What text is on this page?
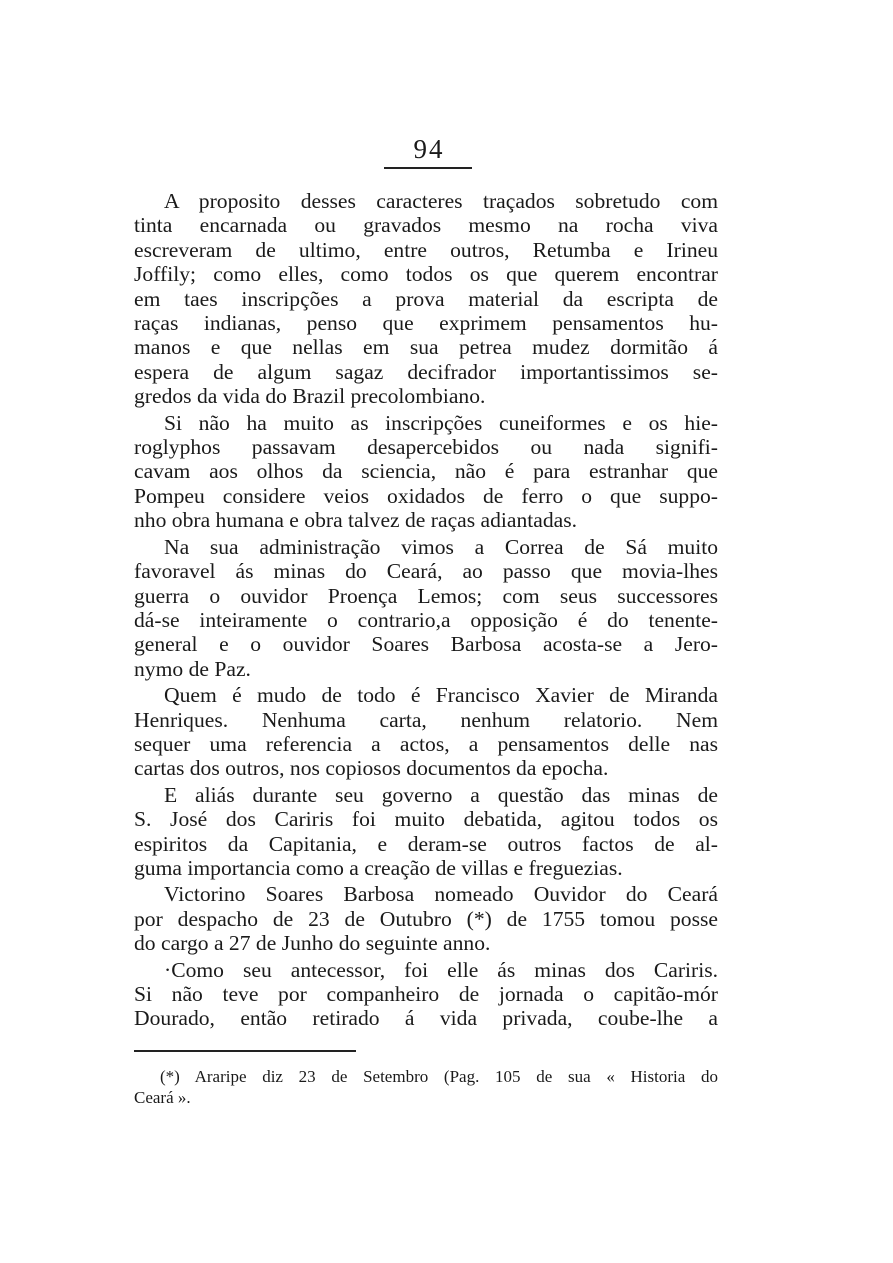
94

A proposito desses caracteres traçados sobretudo com
tinta encarnada ou gravados mesmo na rocha viva
escreveram de ultimo, entre outros, Retumba e Irineu
Joffily; como elles, como todos os que querem encontrar
em taes inscripções a prova material da escripta de
raças indianas, penso que exprimem pensamentos hu-
manos e que nellas em sua petrea mudez dormitão á
espera de algum sagaz decifrador importantissimos se-
gredos da vida do Brazil precolombiano.

Si não ha muito as inscripções cuneiformes e os hie-
roglyphos passavam desapercebidos ou nada signifi-
cavam aos olhos da sciencia, não é para estranhar que
Pompeu considere veios oxidados de ferro o que suppo-
nho obra humana e obra talvez de raças adiantadas.

Na sua administração vimos a Correa de Sá muito
favoravel ás minas do Ceará, ao passo que movia-lhes
guerra o ouvidor Proença Lemos; com seus successores
dá-se inteiramente o contrario,a opposição é do tenente-
general e o ouvidor Soares Barbosa acosta-se a Jero-
nymo de Paz.

Quem é mudo de todo é Francisco Xavier de Miranda
Henriques. Nenhuma carta, nenhum relatorio. Nem
sequer uma referencia a actos, a pensamentos delle nas
cartas dos outros, nos copiosos documentos da epocha.

E aliás durante seu governo a questão das minas de
S. José dos Cariris foi muito debatida, agitou todos os
espiritos da Capitania, e deram-se outros factos de al-
guma importancia como a creação de villas e freguezias.

Victorino Soares Barbosa nomeado Ouvidor do Ceará
por despacho de 23 de Outubro (*) de 1755 tomou posse
do cargo a 27 de Junho do seguinte anno.

·Como seu antecessor, foi elle ás minas dos Cariris.
Si não teve por companheiro de jornada o capitão-mór
Dourado, então retirado á vida privada, coube-lhe a

(*) Araripe diz 23 de Setembro (Pag. 105 de sua « Historia do
Ceará ».
